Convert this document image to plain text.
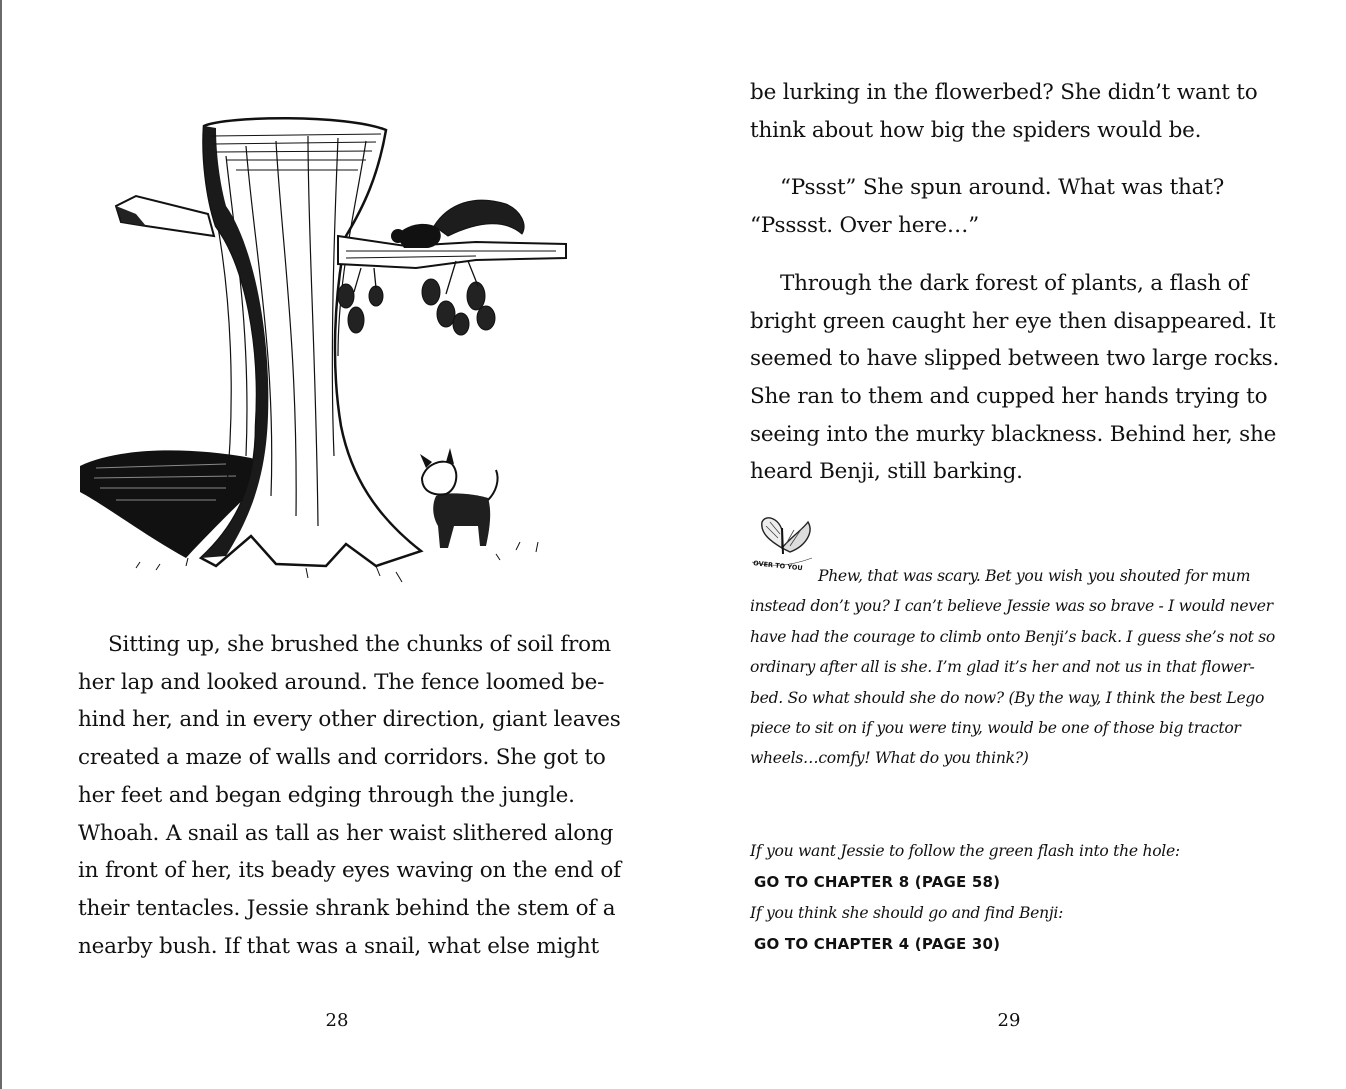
Sitting up, she brushed the chunks of soil from
her lap and looked around. The fence loomed be-
hind her, and in every other direction, giant leaves
created a maze of walls and corridors. She got to
her feet and began edging through the jungle.
Whoah. A snail as tall as her waist slithered along
in front of her, its beady eyes waving on the end of
their tentacles. Jessie shrank behind the stem of a
nearby bush. If that was a snail, what else might
28
be lurking in the flowerbed? She didn’t want to
think about how big the spiders would be.
“Pssst” She spun around. What was that?
“Psssst. Over here…”
Through the dark forest of plants, a flash of
bright green caught her eye then disappeared. It
seemed to have slipped between two large rocks.
She ran to them and cupped her hands trying to
seeing into the murky blackness. Behind her, she
heard Benji, still barking.
OVER TO YOU
Phew, that was scary. Bet you wish you shouted for mum
instead don’t you? I can’t believe Jessie was so brave - I would never
have had the courage to climb onto Benji’s back. I guess she’s not so
ordinary after all is she. I’m glad it’s her and not us in that flower-
bed. So what should she do now? (By the way, I think the best Lego
piece to sit on if you were tiny, would be one of those big tractor
wheels…comfy! What do you think?)
If you want Jessie to follow the green flash into the hole:
GO TO CHAPTER 8 (PAGE 58)
If you think she should go and find Benji:
GO TO CHAPTER 4 (PAGE 30)
29
